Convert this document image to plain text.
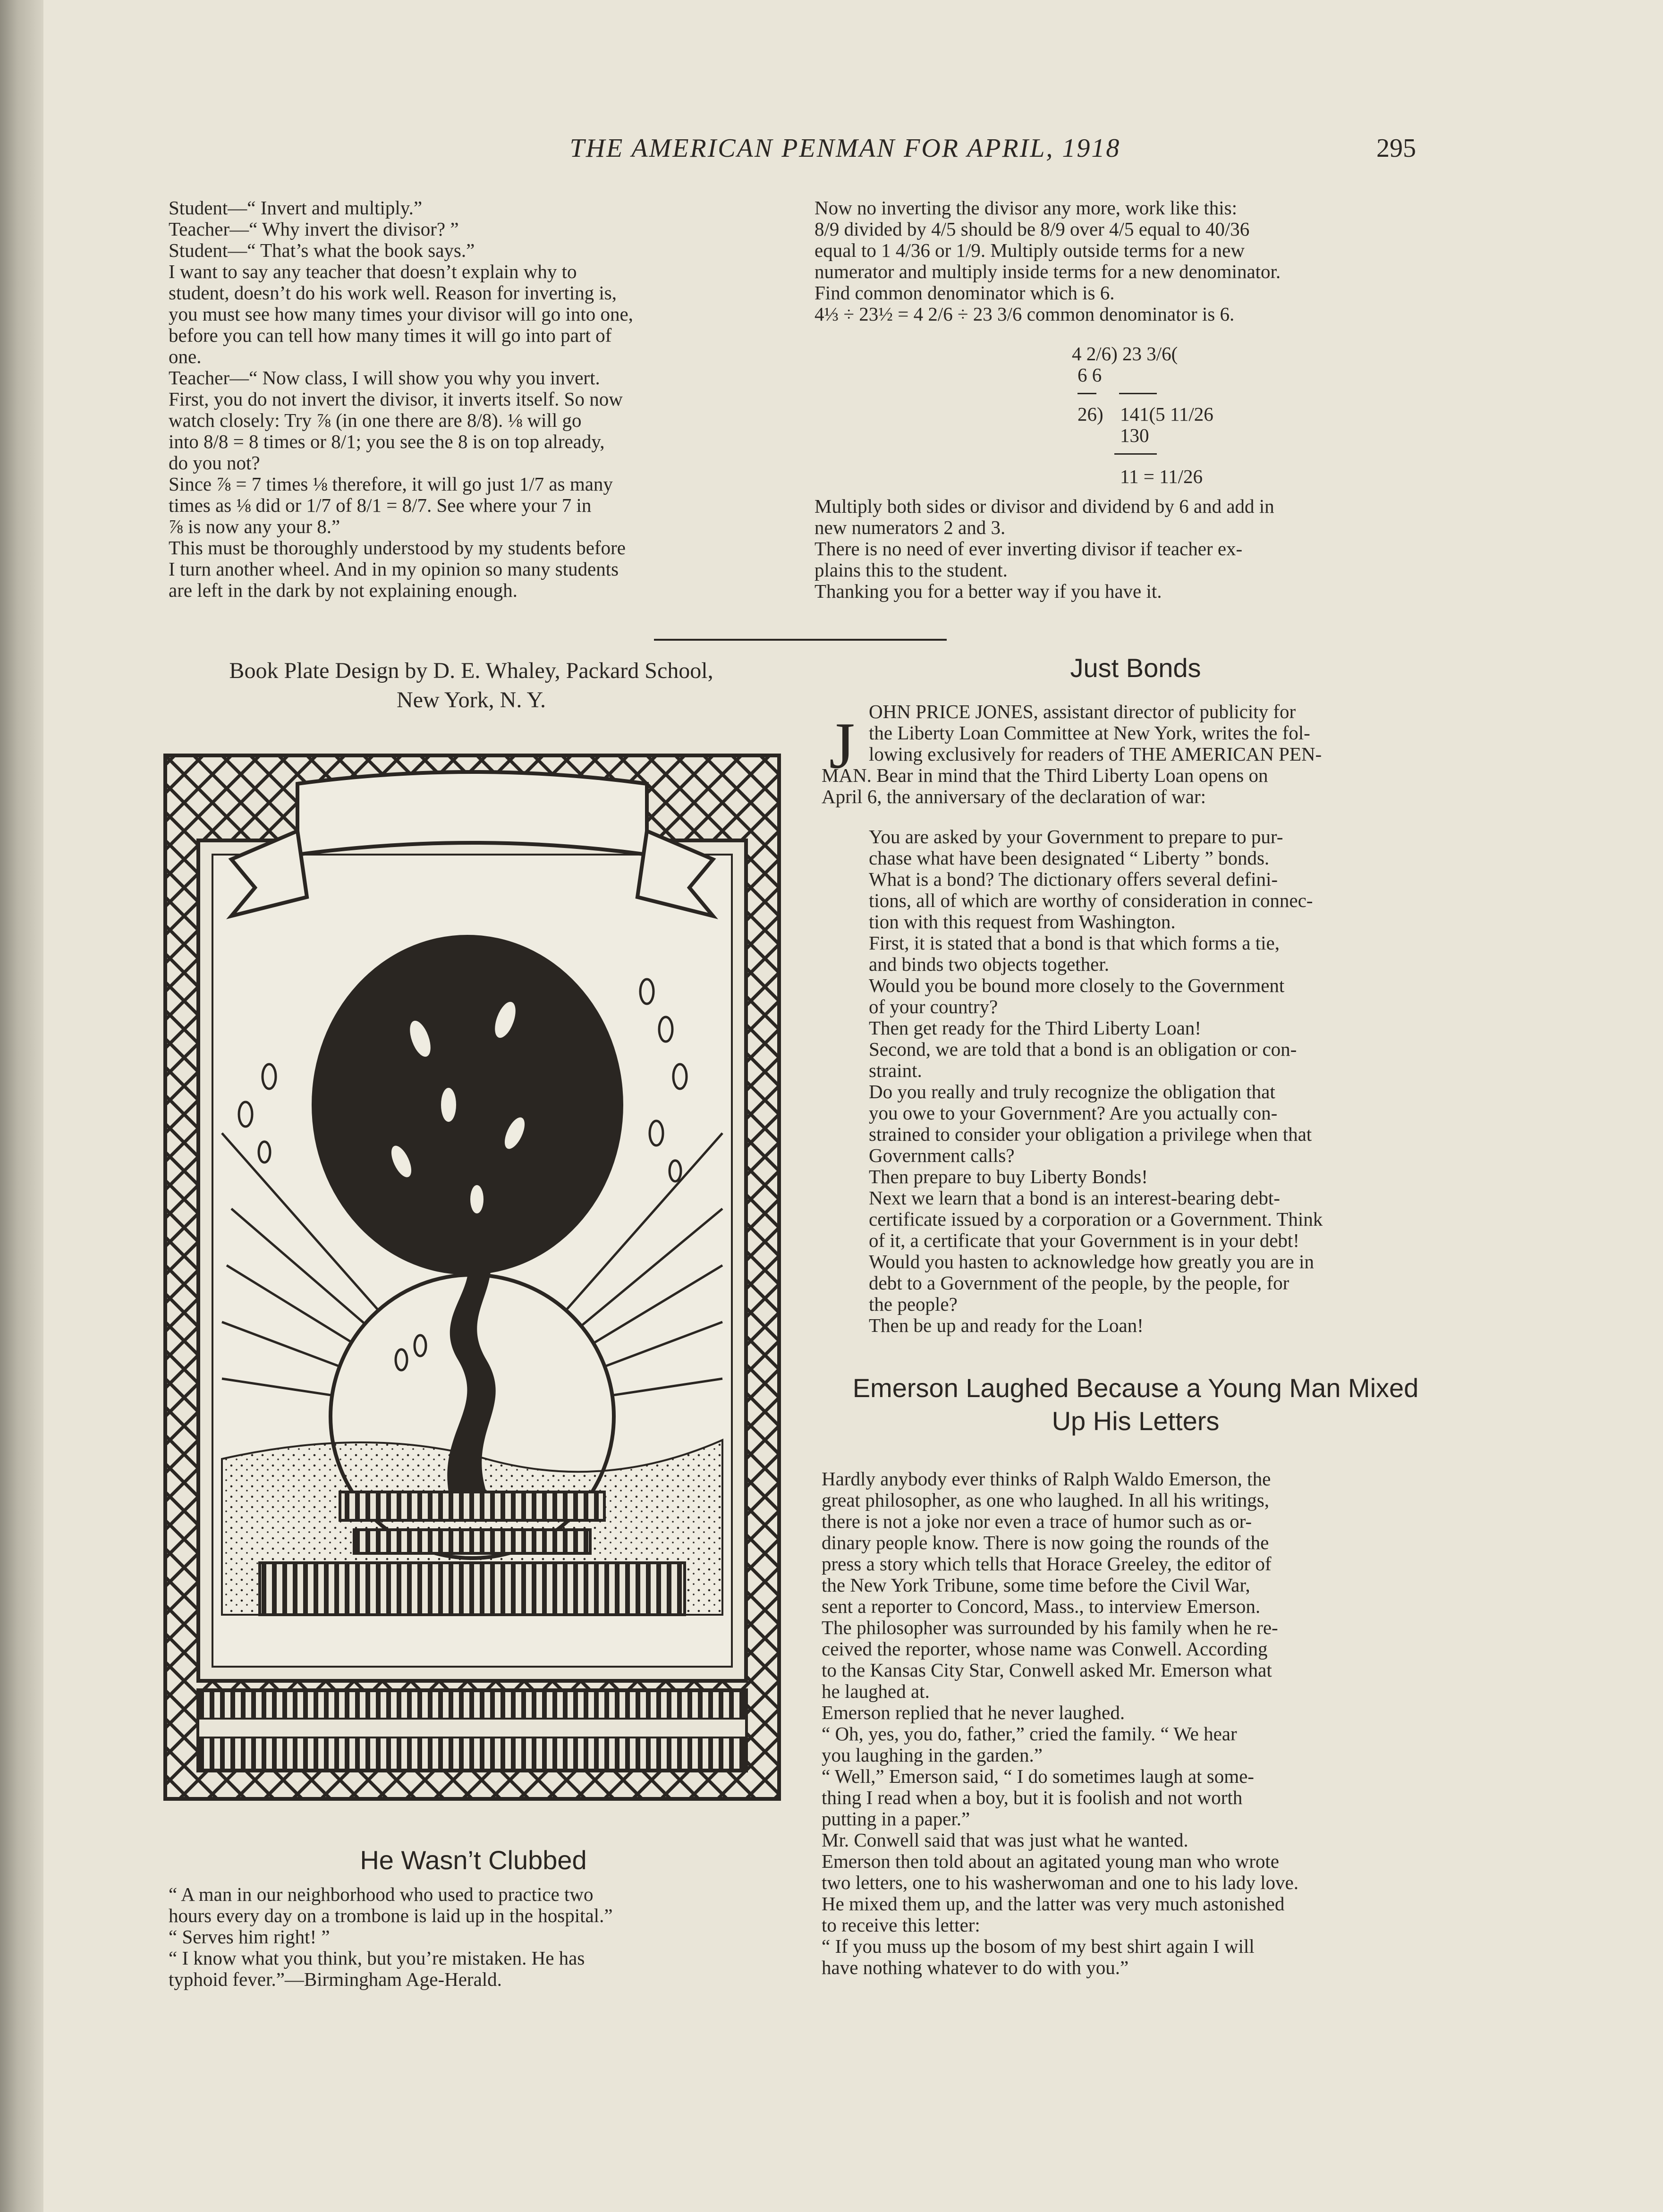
THE AMERICAN PENMAN FOR APRIL, 1918	295

Student—“ Invert and multiply.”

Teacher—“ Why invert the divisor? ”

Student—“ That’s what the book says.”

I want to say any teacher that doesn’t explain why to

student, doesn’t do his work well. Reason for inverting is,

you must see how many times your divisor will go into one,

before you can tell how many times it will go into part of

one.

Teacher—“ Now class, I will show you why you invert.

First, you do not invert the divisor, it inverts itself. So now

watch closely: Try ⅞ (in one there are 8/8). ⅛ will go

into 8/8 = 8 times or 8/1; you see the 8 is on top already,

do you not?

Since ⅞ = 7 times ⅛ therefore, it will go just 1/7 as many

times as ⅛ did or 1/7 of 8/1 = 8/7. See where your 7 in

⅞ is now any your 8.”

This must be thoroughly understood by my students before

I turn another wheel. And in my opinion so many students

are left in the dark by not explaining enough.

Now no inverting the divisor any more, work like this:

8/9 divided by 4/5 should be 8/9 over 4/5 equal to 40/36

equal to 1 4/36 or 1/9. Multiply outside terms for a new

numerator and multiply inside terms for a new denominator.

Find common denominator which is 6.

4⅓ ÷ 23½ = 4 2/6 ÷ 23 3/6 common denominator is 6.

4 2/6) 23 3/6(
6 6
26) 141(5 11/26
130
11 = 11/26

Multiply both sides or divisor and dividend by 6 and add in

new numerators 2 and 3.

There is no need of ever inverting divisor if teacher ex-

plains this to the student.

Thanking you for a better way if you have it.

Book Plate Design by D. E. Whaley, Packard School,
New York, N. Y.
Just Bonds
J OHN PRICE JONES, assistant director of publicity for

the Liberty Loan Committee at New York, writes the fol-

lowing exclusively for readers of THE AMERICAN PEN-

MAN. Bear in mind that the Third Liberty Loan opens on

April 6, the anniversary of the declaration of war:

You are asked by your Government to prepare to pur-

chase what have been designated “ Liberty ” bonds.

What is a bond? The dictionary offers several defini-

tions, all of which are worthy of consideration in connec-

tion with this request from Washington.

First, it is stated that a bond is that which forms a tie,

and binds two objects together.

Would you be bound more closely to the Government

of your country?

Then get ready for the Third Liberty Loan!

Second, we are told that a bond is an obligation or con-

straint.

Do you really and truly recognize the obligation that

you owe to your Government? Are you actually con-

strained to consider your obligation a privilege when that

Government calls?

Then prepare to buy Liberty Bonds!

Next we learn that a bond is an interest-bearing debt-

certificate issued by a corporation or a Government. Think

of it, a certificate that your Government is in your debt!

Would you hasten to acknowledge how greatly you are in

debt to a Government of the people, by the people, for

the people?

Then be up and ready for the Loan!

Emerson Laughed Because a Young Man Mixed
Up His Letters

Hardly anybody ever thinks of Ralph Waldo Emerson, the

great philosopher, as one who laughed. In all his writings,

there is not a joke nor even a trace of humor such as or-

dinary people know. There is now going the rounds of the

press a story which tells that Horace Greeley, the editor of

the New York Tribune, some time before the Civil War,

sent a reporter to Concord, Mass., to interview Emerson.

The philosopher was surrounded by his family when he re-

ceived the reporter, whose name was Conwell. According

to the Kansas City Star, Conwell asked Mr. Emerson what

he laughed at.

Emerson replied that he never laughed.

“ Oh, yes, you do, father,” cried the family. “ We hear

you laughing in the garden.”

“ Well,” Emerson said, “ I do sometimes laugh at some-

thing I read when a boy, but it is foolish and not worth

putting in a paper.”

Mr. Conwell said that was just what he wanted.

Emerson then told about an agitated young man who wrote

two letters, one to his washerwoman and one to his lady love.

He mixed them up, and the latter was very much astonished

to receive this letter:

“ If you muss up the bosom of my best shirt again I will

have nothing whatever to do with you.”

He Wasn’t Clubbed

“ A man in our neighborhood who used to practice two

hours every day on a trombone is laid up in the hospital.”

“ Serves him right! ”

“ I know what you think, but you’re mistaken. He has

typhoid fever.”—Birmingham Age-Herald.
